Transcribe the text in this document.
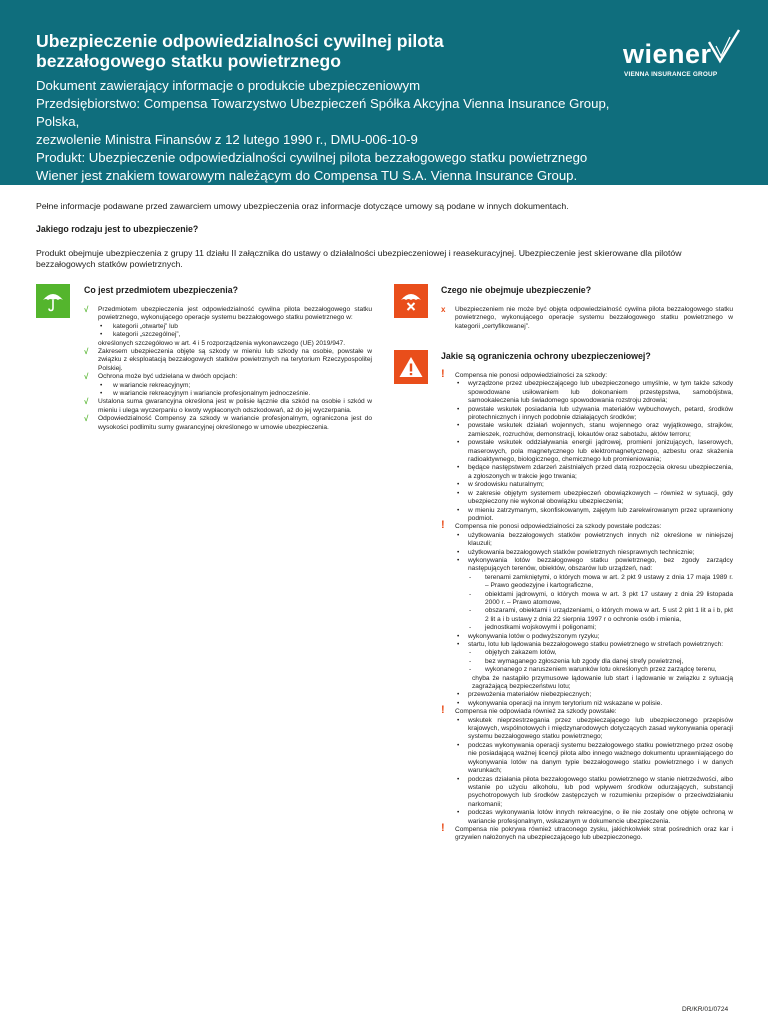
Ubezpieczenie odpowiedzialności cywilnej pilota
bezzałogowego statku powietrznego
Dokument zawierający informacje o produkcie ubezpieczeniowym
Przedsiębiorstwo: Compensa Towarzystwo Ubezpieczeń Spółka Akcyjna Vienna Insurance Group, Polska,
zezwolenie Ministra Finansów z 12 lutego 1990 r., DMU-006-10-9
Produkt: Ubezpieczenie odpowiedzialności cywilnej pilota bezzałogowego statku powietrznego
Wiener jest znakiem towarowym należącym do Compensa TU S.A. Vienna Insurance Group.
wiener
VIENNA INSURANCE GROUP
Pełne informacje podawane przed zawarciem umowy ubezpieczenia oraz informacje dotyczące umowy są podane w innych dokumentach.
Jakiego rodzaju jest to ubezpieczenie?
Produkt obejmuje ubezpieczenia z grupy 11 działu II załącznika do ustawy o działalności ubezpieczeniowej i reasekuracyjnej. Ubezpieczenie jest skierowane dla pilotów bezzałogowych statków powietrznych.
Co jest przedmiotem ubezpieczenia?
√	Przedmiotem ubezpieczenia jest odpowiedzialność cywilna pilota bezzałogowego statku powietrznego, wykonującego operacje systemu bezzałogowego statku powietrznego w:
• kategorii „otwartej” lub
• kategorii „szczególnej”,
określonych szczegółowo w art. 4 i 5 rozporządzenia wykonawczego (UE) 2019/947.
√	Zakresem ubezpieczenia objęte są szkody w mieniu lub szkody na osobie, powstałe w związku z eksploatacją bezzałogowych statków powietrznych na terytorium Rzeczypospolitej Polskiej.
√	Ochrona może być udzielana w dwóch opcjach:
• w wariancie rekreacyjnym;
• w wariancie rekreacyjnym i wariancie profesjonalnym jednocześnie.
√	Ustalona suma gwarancyjna określona jest w polisie łącznie dla szkód na osobie i szkód w mieniu i ulega wyczerpaniu o kwoty wypłaconych odszkodowań, aż do jej wyczerpania.
√	Odpowiedzialność Compensy za szkody w wariancie profesjonalnym, ograniczona jest do wysokości podlimitu sumy gwarancyjnej określonego w umowie ubezpieczenia.
Czego nie obejmuje ubezpieczenie?
x	Ubezpieczeniem nie może być objęta odpowiedzialność cywilna pilota bezzałogowego statku powietrznego, wykonującego operacje systemu bezzałogowego statku powietrznego w kategorii „certyfikowanej”.
Jakie są ograniczenia ochrony ubezpieczeniowej?
!	Compensa nie ponosi odpowiedzialności za szkody:
• wyrządzone przez ubezpieczającego lub ubezpieczonego umyślnie, w tym także szkody spowodowane usiłowaniem lub dokonaniem przestępstwa, samobójstwa, samookaleczenia lub świadomego spowodowania rozstroju zdrowia;
• powstałe wskutek posiadania lub używania materiałów wybuchowych, petard, środków pirotechnicznych i innych podobnie działających środków;
• powstałe wskutek działań wojennych, stanu wojennego oraz wyjątkowego, strajków, zamieszek, rozruchów, demonstracji, lokautów oraz sabotażu, aktów terroru;
• powstałe wskutek oddziaływania energii jądrowej, promieni jonizujących, laserowych, maserowych, pola magnetycznego lub elektromagnetycznego, azbestu oraz skażenia radioaktywnego, biologicznego, chemicznego lub promieniowania;
• będące następstwem zdarzeń zaistniałych przed datą rozpoczęcia okresu ubezpieczenia, a zgłoszonych w trakcie jego trwania;
• w środowisku naturalnym;
• w zakresie objętym systemem ubezpieczeń obowiązkowych – również w sytuacji, gdy ubezpieczony nie wykonał obowiązku ubezpieczenia;
• w mieniu zatrzymanym, skonfiskowanym, zajętym lub zarekwirowanym przez uprawniony podmiot.
!	Compensa nie ponosi odpowiedzialności za szkody powstałe podczas:
• użytkowania bezzałogowych statków powietrznych innych niż określone w niniejszej klauzuli;
• użytkowania bezzałogowych statków powietrznych niesprawnych technicznie;
• wykonywania lotów bezzałogowego statku powietrznego, bez zgody zarządcy następujących terenów, obiektów, obszarów lub urządzeń, nad:
- terenami zamkniętymi, o których mowa w art. 2 pkt 9 ustawy z dnia 17 maja 1989 r. – Prawo geodezyjne i kartograficzne,
- obiektami jądrowymi, o których mowa w art. 3 pkt 17 ustawy z dnia 29 listopada 2000 r. – Prawo atomowe,
- obszarami, obiektami i urządzeniami, o których mowa w art. 5 ust 2 pkt 1 lit a i b, pkt 2 lit a i b ustawy z dnia 22 sierpnia 1997 r o ochronie osób i mienia,
- jednostkami wojskowymi i poligonami;
• wykonywania lotów o podwyższonym ryzyku;
• startu, lotu lub lądowania bezzałogowego statku powietrznego w strefach powietrznych:
- objętych zakazem lotów,
- bez wymaganego zgłoszenia lub zgody dla danej strefy powietrznej,
- wykonanego z naruszeniem warunków lotu określonych przez zarządcę terenu,
chyba że nastąpiło przymusowe lądowanie lub start i lądowanie w związku z sytuacją zagrażającą bezpieczeństwu lotu;
• przewożenia materiałów niebezpiecznych;
• wykonywania operacji na innym terytorium niż wskazane w polisie.
!	Compensa nie odpowiada również za szkody powstałe:
• wskutek nieprzestrzegania przez ubezpieczającego lub ubezpieczonego przepisów krajowych, wspólnotowych i międzynarodowych dotyczących zasad wykonywania operacji systemu bezzałogowego statku powietrznego;
• podczas wykonywania operacji systemu bezzałogowego statku powietrznego przez osobę nie posiadającą ważnej licencji pilota albo innego ważnego dokumentu uprawniającego do wykonywania lotów na danym typie bezzałogowego statku powietrznego i w danych warunkach;
• podczas działania pilota bezzałogowego statku powietrznego w stanie nietrzeźwości, albo wstanie po użyciu alkoholu, lub pod wpływem środków odurzających, substancji psychotropowych lub środków zastępczych w rozumieniu przepisów o przeciwdziałaniu narkomanii;
• podczas wykonywania lotów innych rekreacyjne, o ile nie zostały one objęte ochroną w wariancie profesjonalnym, wskazanym w dokumencie ubezpieczenia.
!	Compensa nie pokrywa również utraconego zysku, jakichkolwiek strat pośrednich oraz kar i grzywien nałożonych na ubezpieczającego lub ubezpieczonego.
DR/KR/01/0724
